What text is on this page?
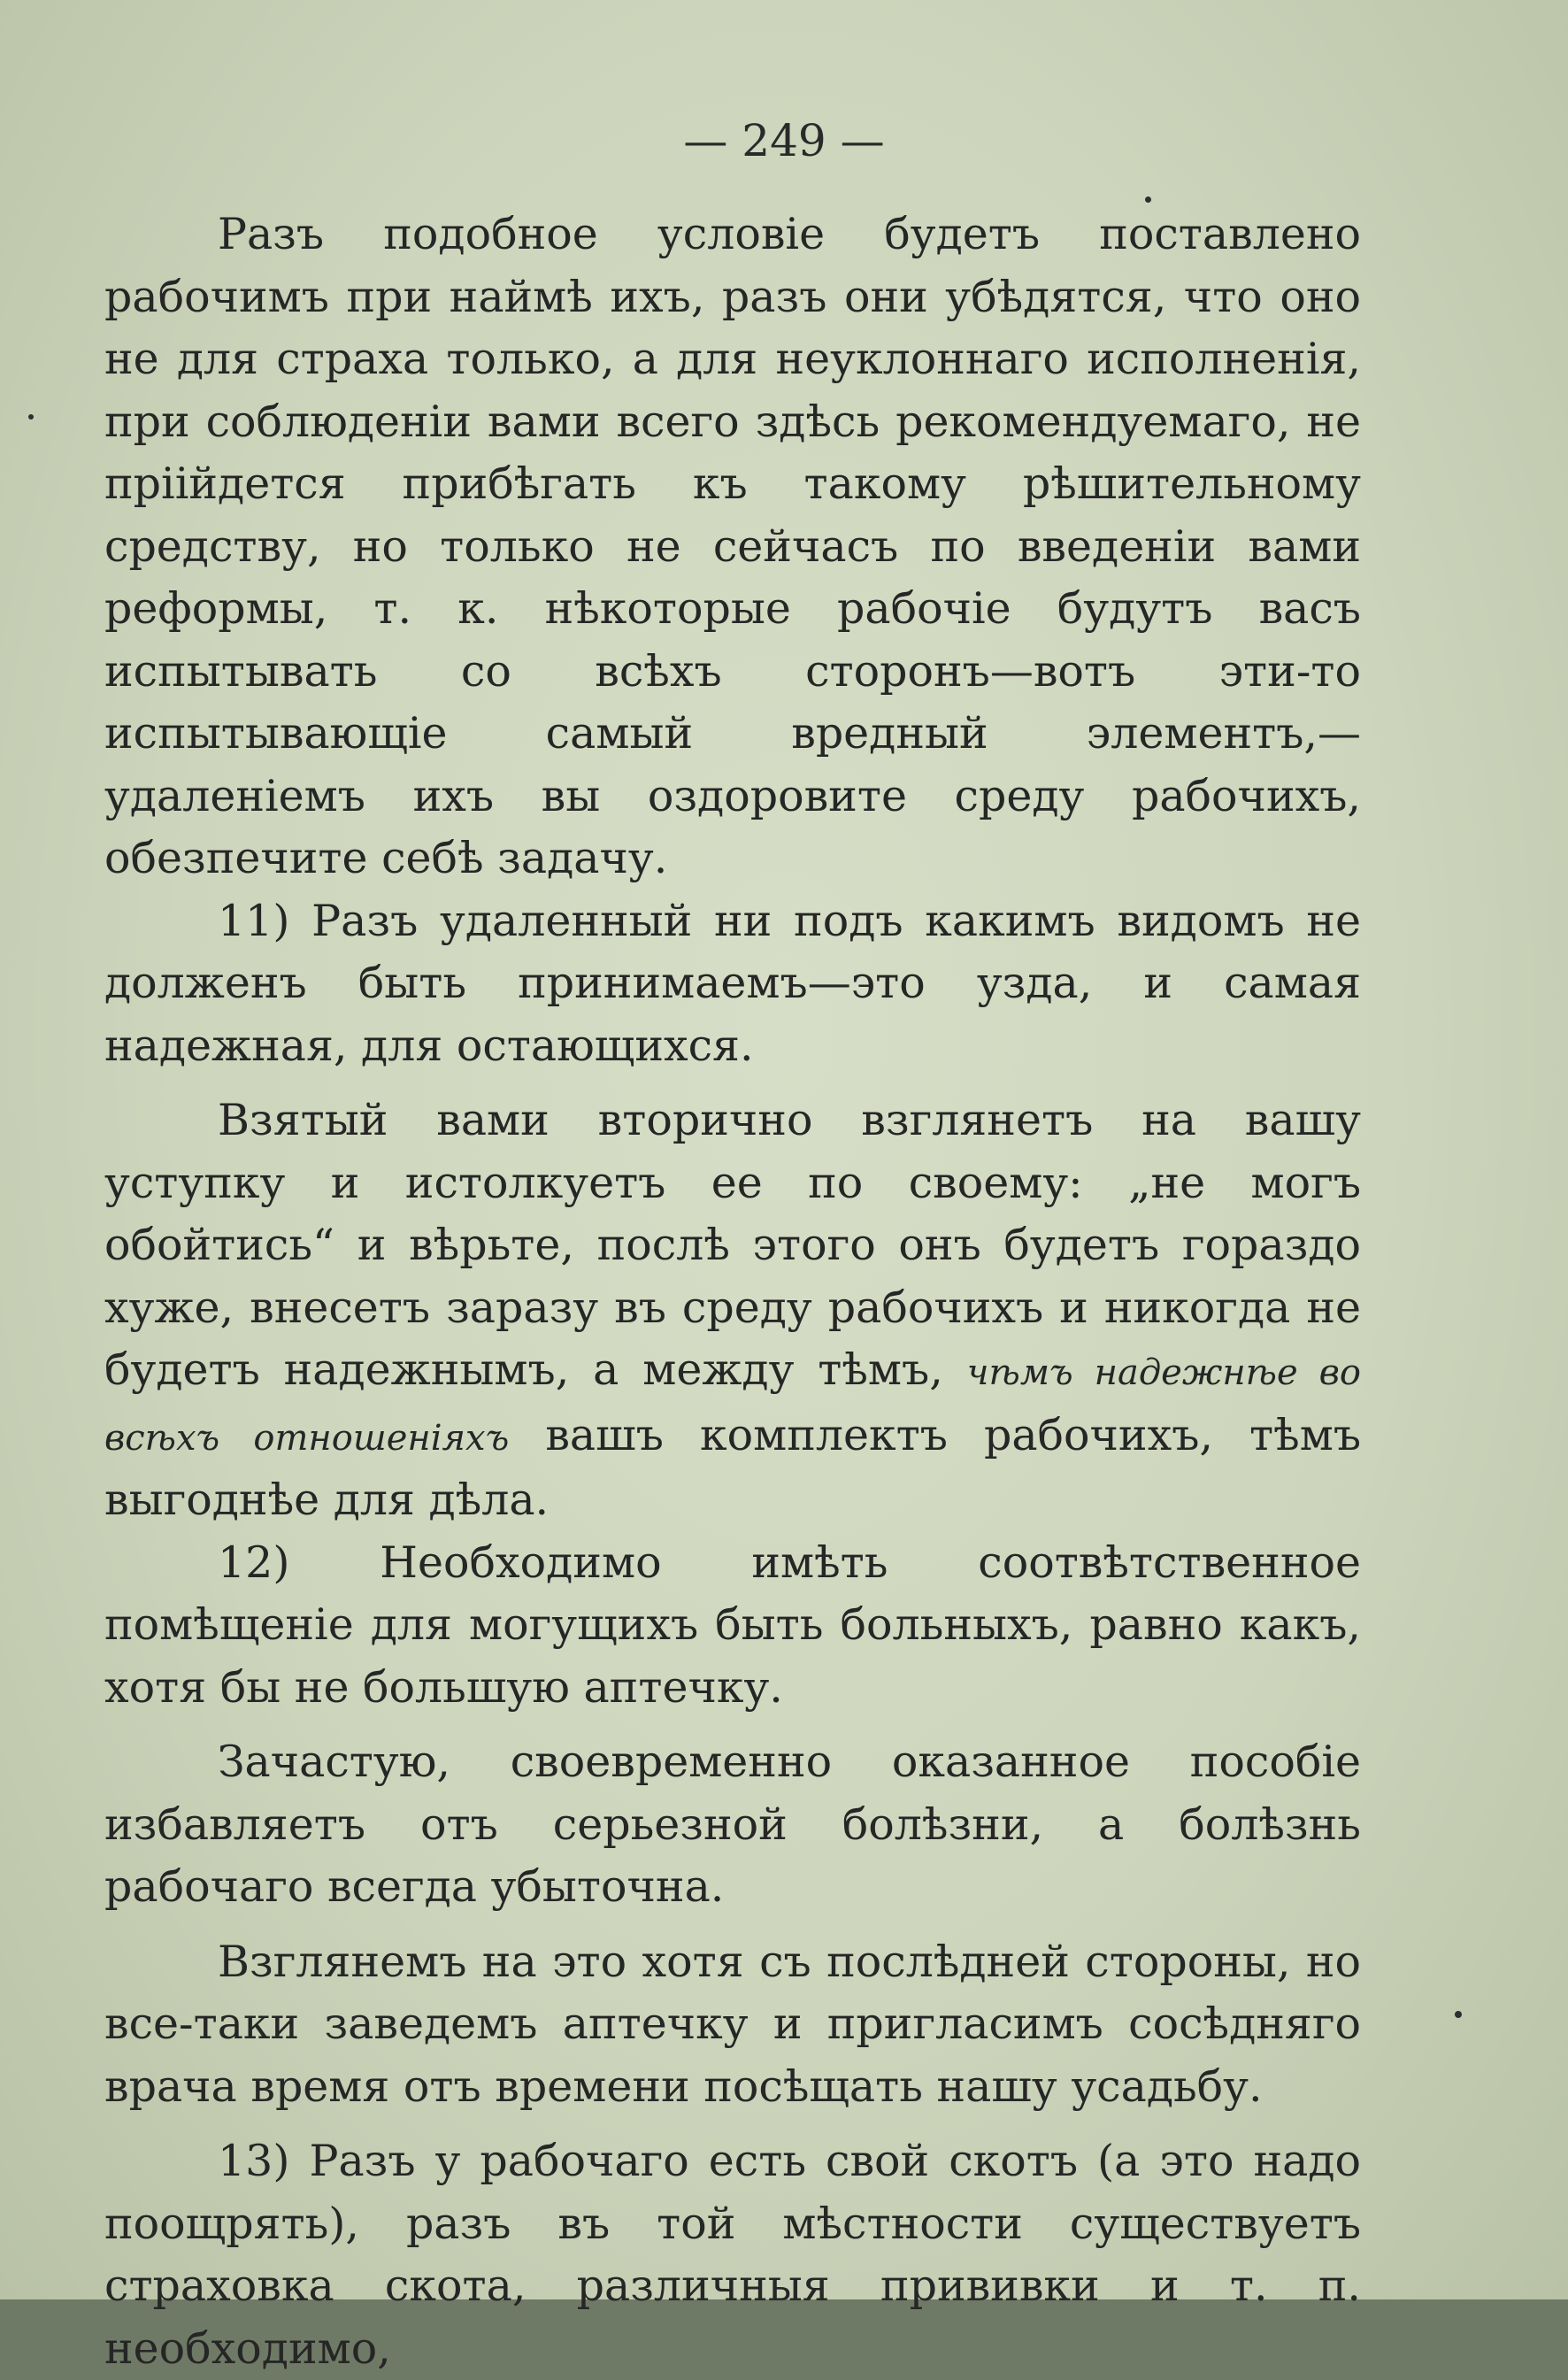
— 249 —

Разъ подобное условіе будетъ поставлено рабочимъ при наймѣ ихъ, разъ они убѣдятся, что оно не для страха только, а для неуклоннаго исполненія, при соблюденіи вами всего здѣсь рекомендуемаго, не пріійдется прибѣгать къ такому рѣшительному средству, но только не сейчасъ по введеніи вами реформы, т. к. нѣкоторые рабочіе будутъ васъ испытывать со всѣхъ сторонъ—вотъ эти-то испытывающіе самый вредный элементъ,—удаленіемъ ихъ вы оздоровите среду рабочихъ, обезпечите себѣ задачу.

11) Разъ удаленный ни подъ какимъ видомъ не долженъ быть принимаемъ—это узда, и самая надежная, для остающихся.

Взятый вами вторично взглянетъ на вашу уступку и истолкуетъ ее по своему: „не могъ обойтись“ и вѣрьте, послѣ этого онъ будетъ гораздо хуже, внесетъ заразу въ среду рабочихъ и никогда не будетъ надежнымъ, а между тѣмъ, чѣмъ надежнѣе во всѣхъ отношеніяхъ вашъ комплектъ рабочихъ, тѣмъ выгоднѣе для дѣла.

12) Необходимо имѣть соотвѣтственное помѣщеніе для могущихъ быть больныхъ, равно какъ, хотя бы не большую аптечку.

Зачастую, своевременно оказанное пособіе избавляетъ отъ серьезной болѣзни, а болѣзнь рабочаго всегда убыточна.

Взглянемъ на это хотя съ послѣдней стороны, но все-таки заведемъ аптечку и пригласимъ сосѣдняго врача время отъ времени посѣщать нашу усадьбу.

13) Разъ у рабочаго есть свой скотъ (а это надо поощрять), разъ въ той мѣстности существуетъ страховка скота, различныя прививки и т. п. необходимо,
